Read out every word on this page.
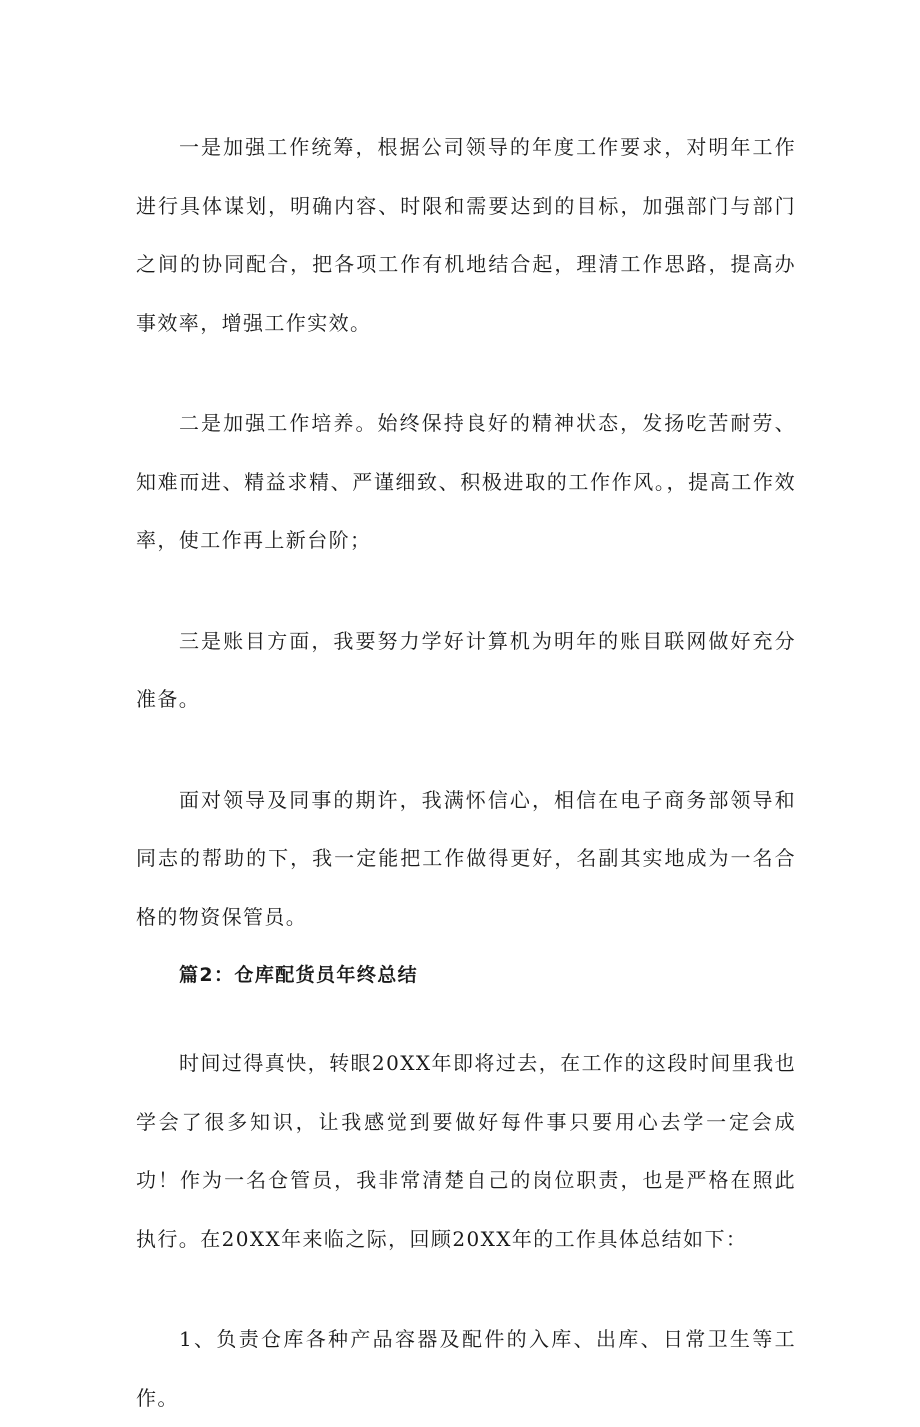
一是加强工作统筹，根据公司领导的年度工作要求，对明年工作进行具体谋划，明确内容、时限和需要达到的目标，加强部门与部门之间的协同配合，把各项工作有机地结合起，理清工作思路，提高办事效率，增强工作实效。

二是加强工作培养。始终保持良好的精神状态，发扬吃苦耐劳、知难而进、精益求精、严谨细致、积极进取的工作作风。，提高工作效率，使工作再上新台阶；

三是账目方面，我要努力学好计算机为明年的账目联网做好充分准备。

面对领导及同事的期许，我满怀信心，相信在电子商务部领导和同志的帮助的下，我一定能把工作做得更好，名副其实地成为一名合格的物资保管员。

篇2：仓库配货员年终总结

时间过得真快，转眼20XX年即将过去，在工作的这段时间里我也学会了很多知识，让我感觉到要做好每件事只要用心去学一定会成功！作为一名仓管员，我非常清楚自己的岗位职责，也是严格在照此执行。在20XX年来临之际，回顾20XX年的工作具体总结如下：

1、负责仓库各种产品容器及配件的入库、出库、日常卫生等工作。
